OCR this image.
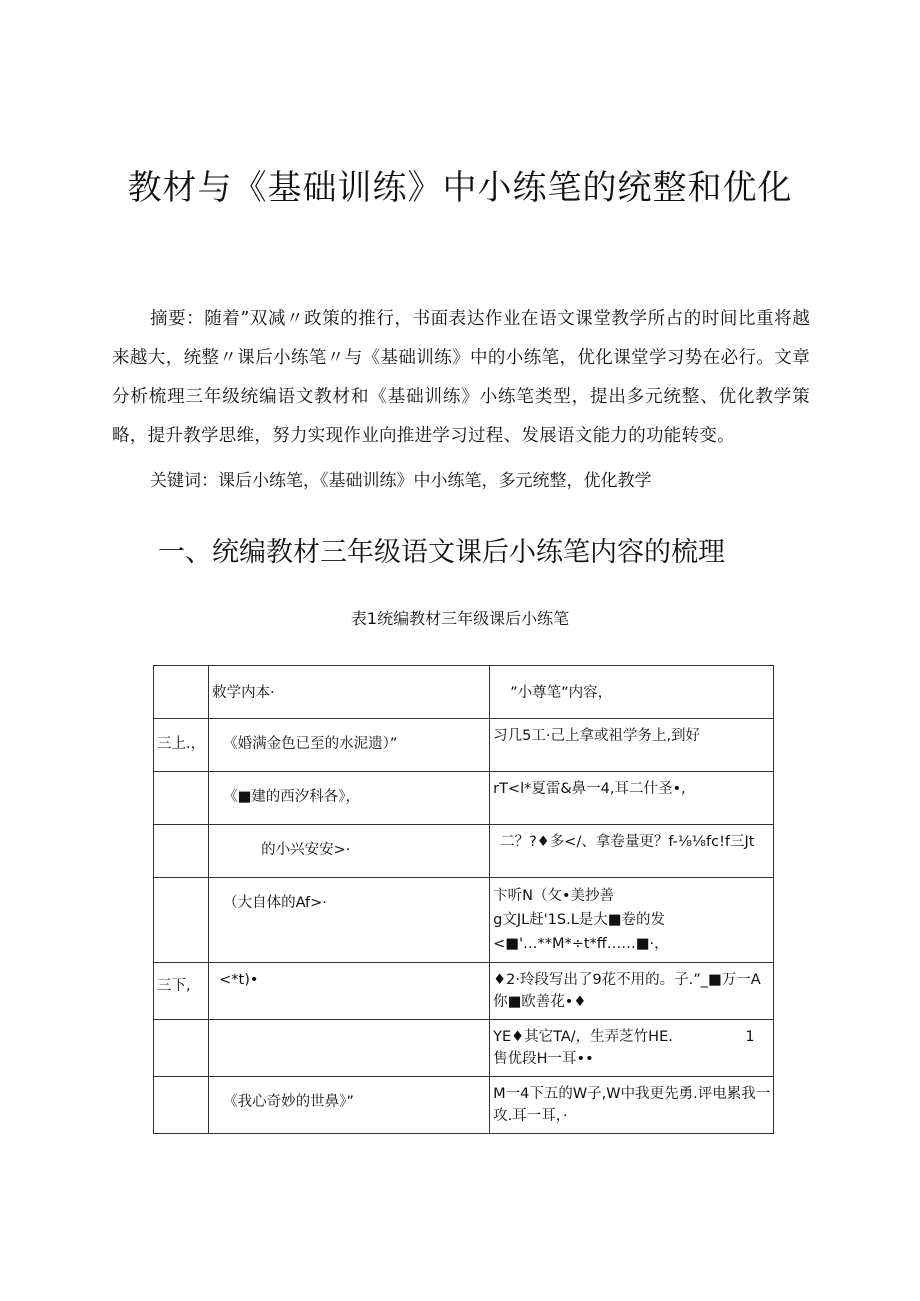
教材与《基础训练》中小练笔的统整和优化

摘要：随着”双减〃政策的推行，书面表达作业在语文课堂教学所占的时间比重将越来越大，统整〃课后小练笔〃与《基础训练》中的小练笔，优化课堂学习势在必行。文章分析梳理三年级统编语文教材和《基础训练》小练笔类型，提出多元统整、优化教学策略，提升教学思维，努力实现作业向推进学习过程、发展语文能力的功能转变。

关键词：课后小练笔，《基础训练》中小练笔，多元统整，优化教学
一、统编教材三年级语文课后小练笔内容的梳理
表1统编教材三年级课后小练笔

	敕学内本·	”小尊笔”内容，

三上.，	《婚满金色已至的水泥遗）”	习几5工·己上拿或祖学务上,到好

	《■建的西汐科各》，	rT<l*夏雷&鼻一4,耳二什圣•,

	的小兴安安>·	二？?♦多</、拿卷量更？f-⅛⅛fc!f三Jt

	（大自体的Af>·	卞听N（攵•美抄善
g文JL赶'1S.L是大■卷的发
<■'…**M*÷t*ff……■·，

三下,	<*t)•	♦2·玲段写出了9花不用的。子.”_■万一A
你■欧善花•♦

		YE♦其它TA/，生弄芝竹HE.　　　　　1
售优段H一耳••

	《我心奇妙的世鼻》”	M一4下五的W子,W中我更先勇.评电累我一
攻.耳一耳，·
